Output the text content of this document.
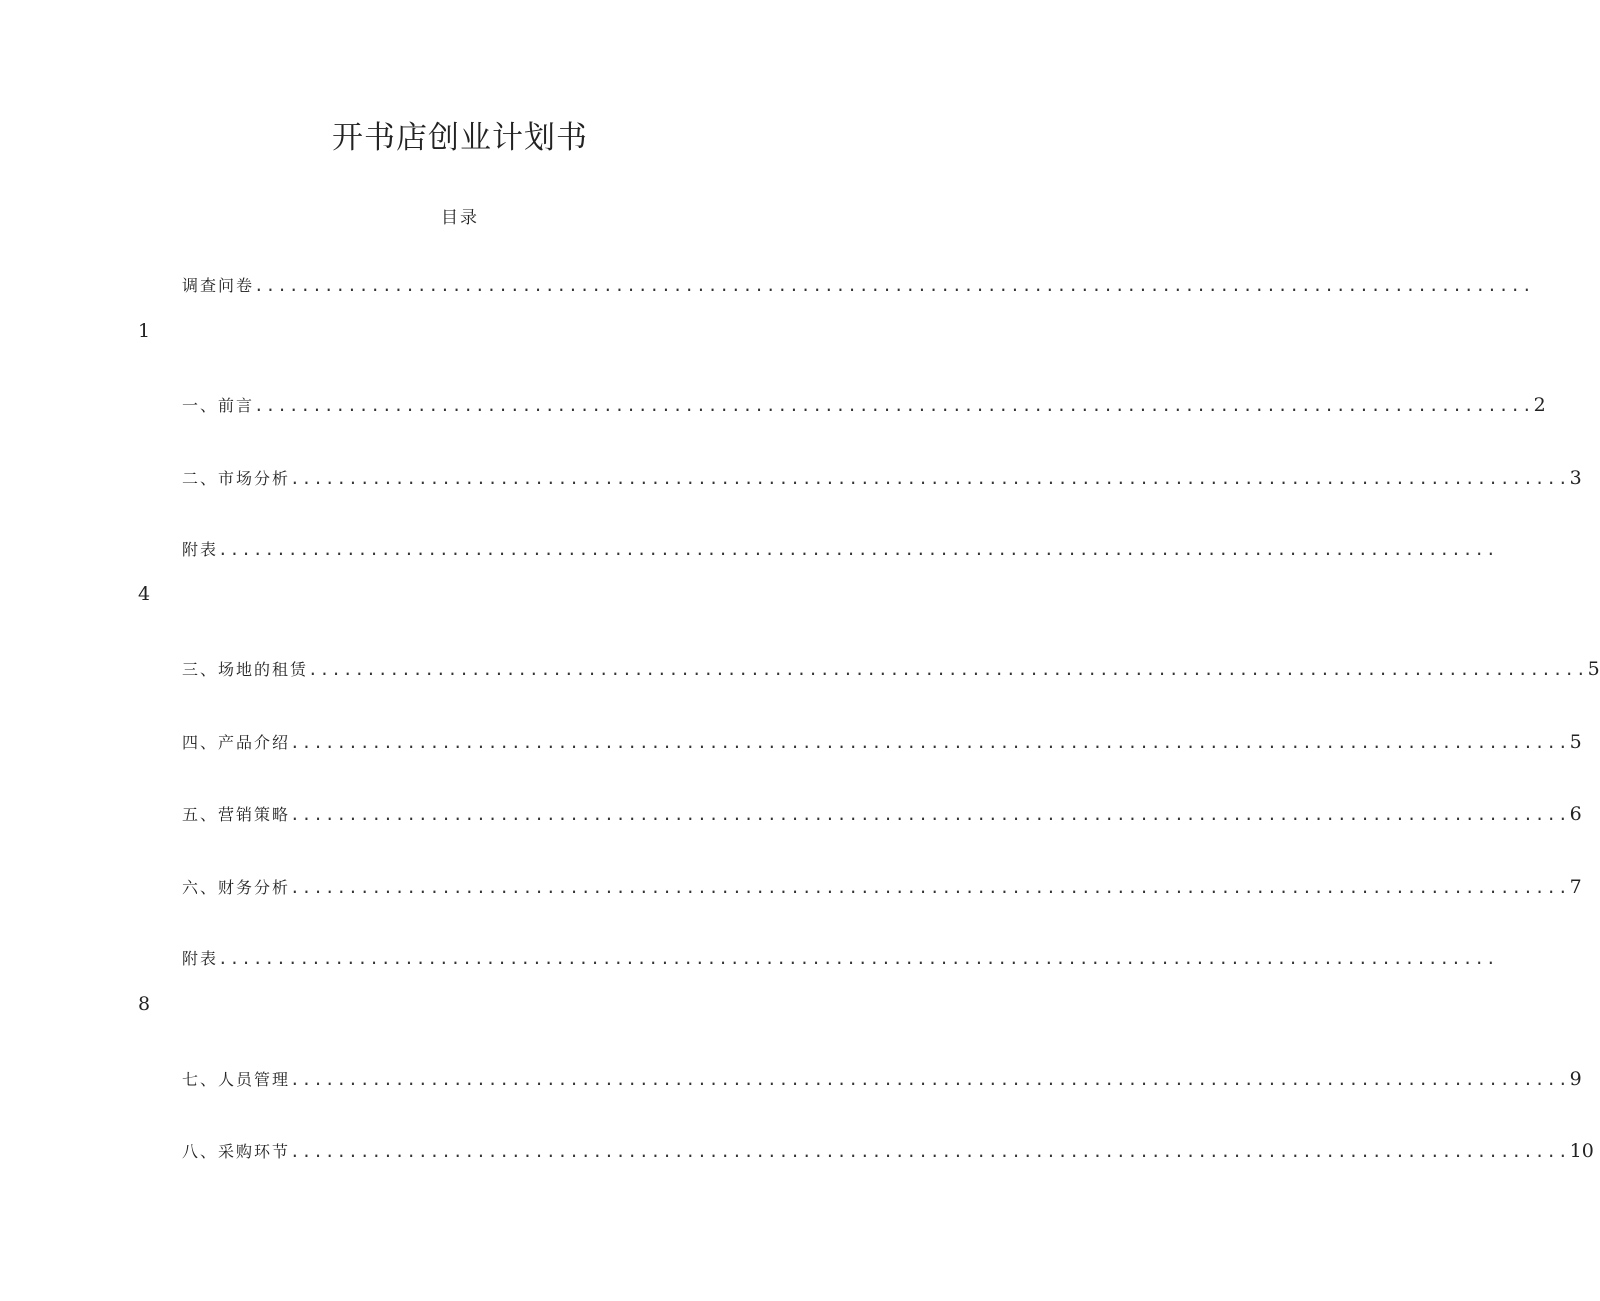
开书店创业计划书
目录
调查问卷 ..............................................................................................................
1
一、前言 .............................................................................................................. 2
二、市场分析 .............................................................................................................. 3
附表 ..............................................................................................................
4
三、场地的租赁 .............................................................................................................. 5
四、产品介绍 .............................................................................................................. 5
五、营销策略 .............................................................................................................. 6
六、财务分析 .............................................................................................................. 7
附表 ..............................................................................................................
8
七、人员管理 .............................................................................................................. 9
八、采购环节 .............................................................................................................. 10
